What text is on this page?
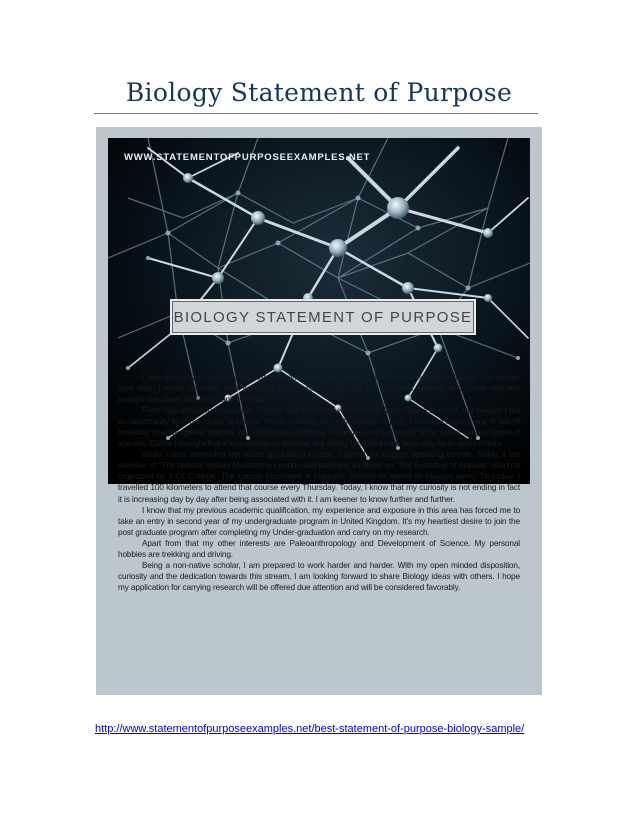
Biology Statement of Purpose
WWW.STATEMENTOFPURPOSEEXAMPLES.NET
BIOLOGY STATEMENT OF PURPOSE

I was deeply fascinated by the natural world right from my birth and my interest grew deeper and deeper over time. I loved spending time watching the growth of wild and domesticated animals and plants and this brought me closer to Biology and evolution.

From high school to graduation, Biology was always my subject. My father was a scientist and thereby I got an opportunity to come closer to nature. While assisting him with breeds of prey, I came to know many tit-bits of breeding of endangered species. My evolutionary thinking expanded and I came to know about various types of species. Earlier I thought that it was merely an interest, but slowly I realized I am born only for to serve nature.

While I was continuing my under graduation course, I joined an English speaking course. Today, I am member of "The Natural History Museum in London and pursuing a course on "The Evolution of Animals" which is organized by XXX College. The course inculcated a magnetic interest to attend its classes every Thursday. I travelled 100 kilometers to attend that course every Thursday. Today, I know that my curiosity is not ending in fact it is increasing day by day after being associated with it. I am keener to know further and further.

I know that my previous academic qualification, my experience and exposure in this area has forced me to take an entry in second year of my undergraduate program in United Kingdom. It's my heartiest desire to join the post graduate program after completing my Under-graduation and carry on my research.

Apart from that my other interests are Paleoanthropology and Development of Science. My personal hobbies are trekking and driving.

Being a non-native scholar, I am prepared to work harder and harder. With my open minded disposition, curiosity and the dedication towards this stream, I am looking forward to share Biology ideas with others. I hope my application for carrying research will be offered due attention and will be considered favorably.

http://www.statementofpurposeexamples.net/best-statement-of-purpose-biology-sample/
